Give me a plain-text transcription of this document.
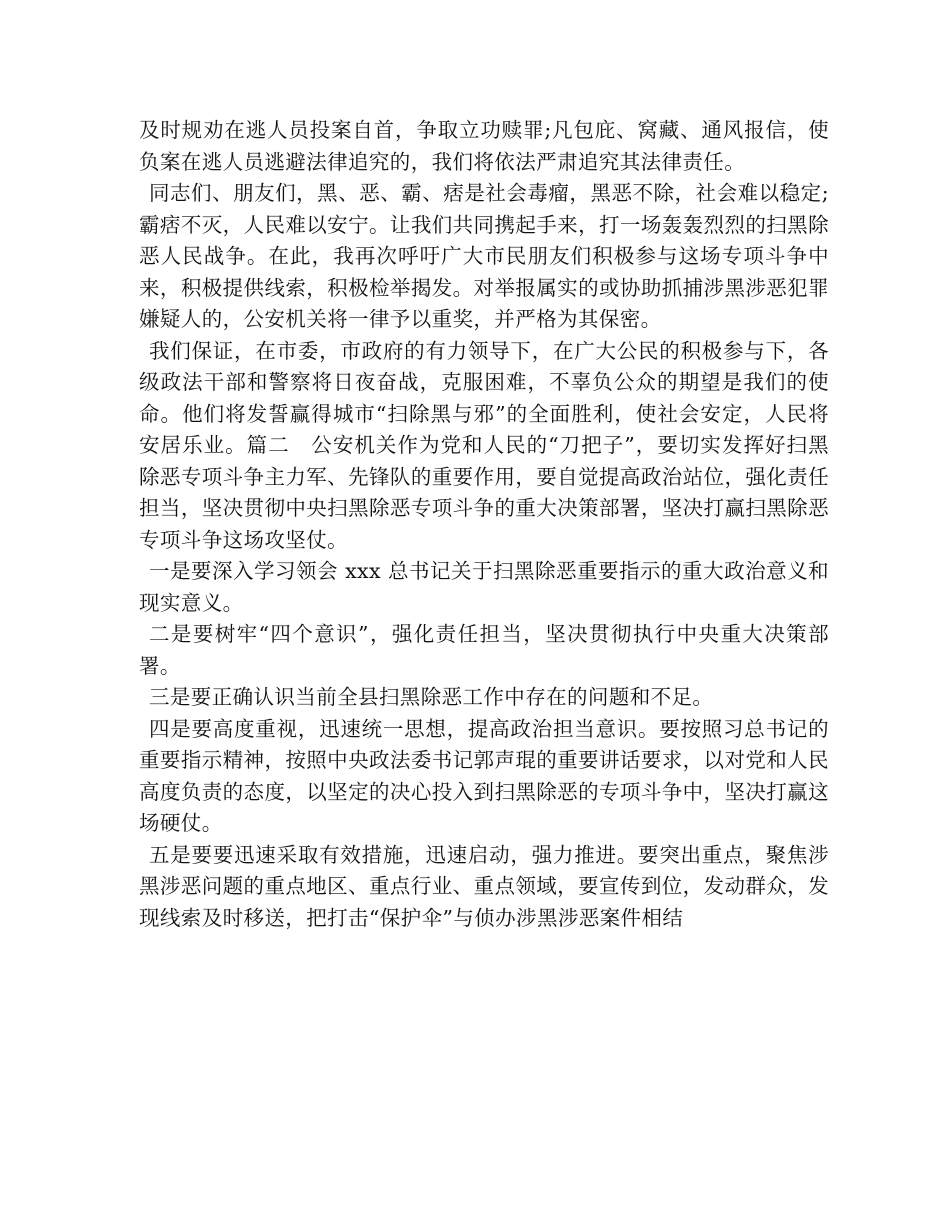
及时规劝在逃人员投案自首，争取立功赎罪;凡包庇、窝藏、通风报信，使负案在逃人员逃避法律追究的，我们将依法严肃追究其法律责任。

同志们、朋友们，黑、恶、霸、痞是社会毒瘤，黑恶不除，社会难以稳定;霸痞不灭，人民难以安宁。让我们共同携起手来，打一场轰轰烈烈的扫黑除恶人民战争。在此，我再次呼吁广大市民朋友们积极参与这场专项斗争中来，积极提供线索，积极检举揭发。对举报属实的或协助抓捕涉黑涉恶犯罪嫌疑人的，公安机关将一律予以重奖，并严格为其保密。

我们保证，在市委，市政府的有力领导下，在广大公民的积极参与下，各级政法干部和警察将日夜奋战，克服困难，不辜负公众的期望是我们的使命。他们将发誓赢得城市“扫除黑与邪”的全面胜利，使社会安定，人民将安居乐业。篇二　公安机关作为党和人民的“刀把子”，要切实发挥好扫黑除恶专项斗争主力军、先锋队的重要作用，要自觉提高政治站位，强化责任担当，坚决贯彻中央扫黑除恶专项斗争的重大决策部署，坚决打赢扫黑除恶专项斗争这场攻坚仗。

一是要深入学习领会 xxx 总书记关于扫黑除恶重要指示的重大政治意义和现实意义。

二是要树牢“四个意识”，强化责任担当，坚决贯彻执行中央重大决策部署。

三是要正确认识当前全县扫黑除恶工作中存在的问题和不足。

四是要高度重视，迅速统一思想，提高政治担当意识。要按照习总书记的重要指示精神，按照中央政法委书记郭声琨的重要讲话要求，以对党和人民高度负责的态度，以坚定的决心投入到扫黑除恶的专项斗争中，坚决打赢这场硬仗。

五是要要迅速采取有效措施，迅速启动，强力推进。要突出重点，聚焦涉黑涉恶问题的重点地区、重点行业、重点领域，要宣传到位，发动群众，发现线索及时移送，把打击“保护伞”与侦办涉黑涉恶案件相结
